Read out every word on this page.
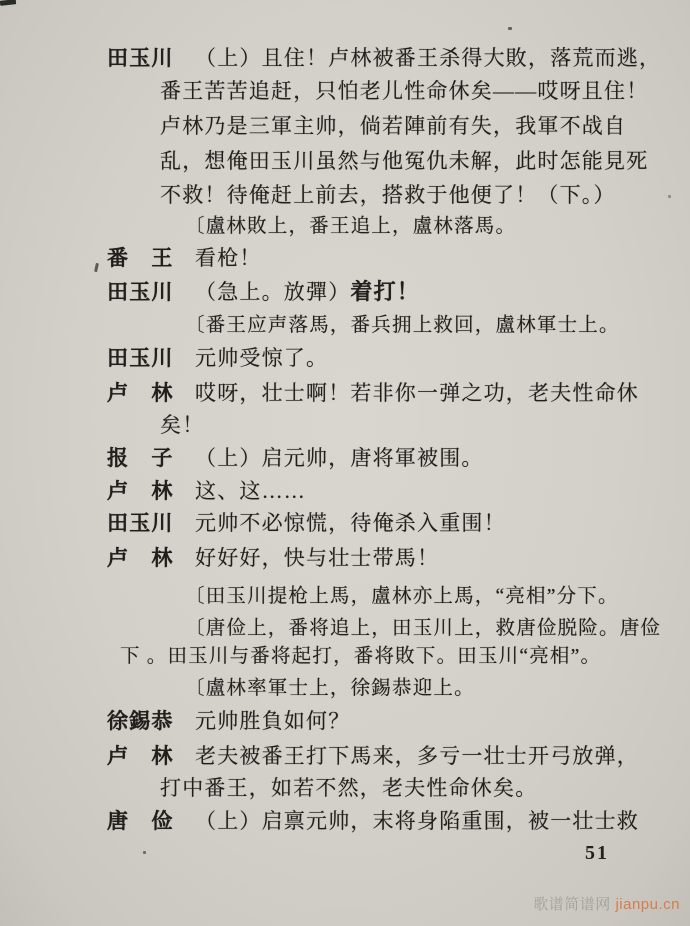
田玉川 （上）且住！卢林被番王杀得大敗，落荒而逃，
番王苦苦追赶，只怕老儿性命休矣——哎呀且住！
卢林乃是三軍主帅，倘若陣前有失，我軍不战自
乱，想俺田玉川虽然与他冤仇未解，此时怎能見死
不救！待俺赶上前去，搭救于他便了！（下。）
〔盧林敗上，番王追上，盧林落馬。
番　王 看枪！
田玉川 （急上。放彈）着打！
〔番王应声落馬，番兵拥上救回，盧林軍士上。
田玉川 元帅受惊了。
卢　林 哎呀，壮士啊！若非你一弹之功，老夫性命休
矣！
报　子 （上）启元帅，唐将軍被围。
卢　林 这、这……
田玉川 元帅不必惊慌，待俺杀入重围！
卢　林 好好好，快与壮士带馬！
〔田玉川提枪上馬，盧林亦上馬，“亮相”分下。
〔唐俭上，番将追上，田玉川上，救唐俭脱险。唐俭
下 。田玉川与番将起打，番将敗下。田玉川“亮相”。
〔盧林率軍士上，徐錫恭迎上。
徐錫恭 元帅胜負如何？
卢　林 老夫被番王打下馬来，多亏一壮士开弓放弹，
打中番王，如若不然，老夫性命休矣。
唐　俭 （上）启禀元帅，末将身陷重围，被一壮士救
51
歌谱简谱网 jianpu.cn
